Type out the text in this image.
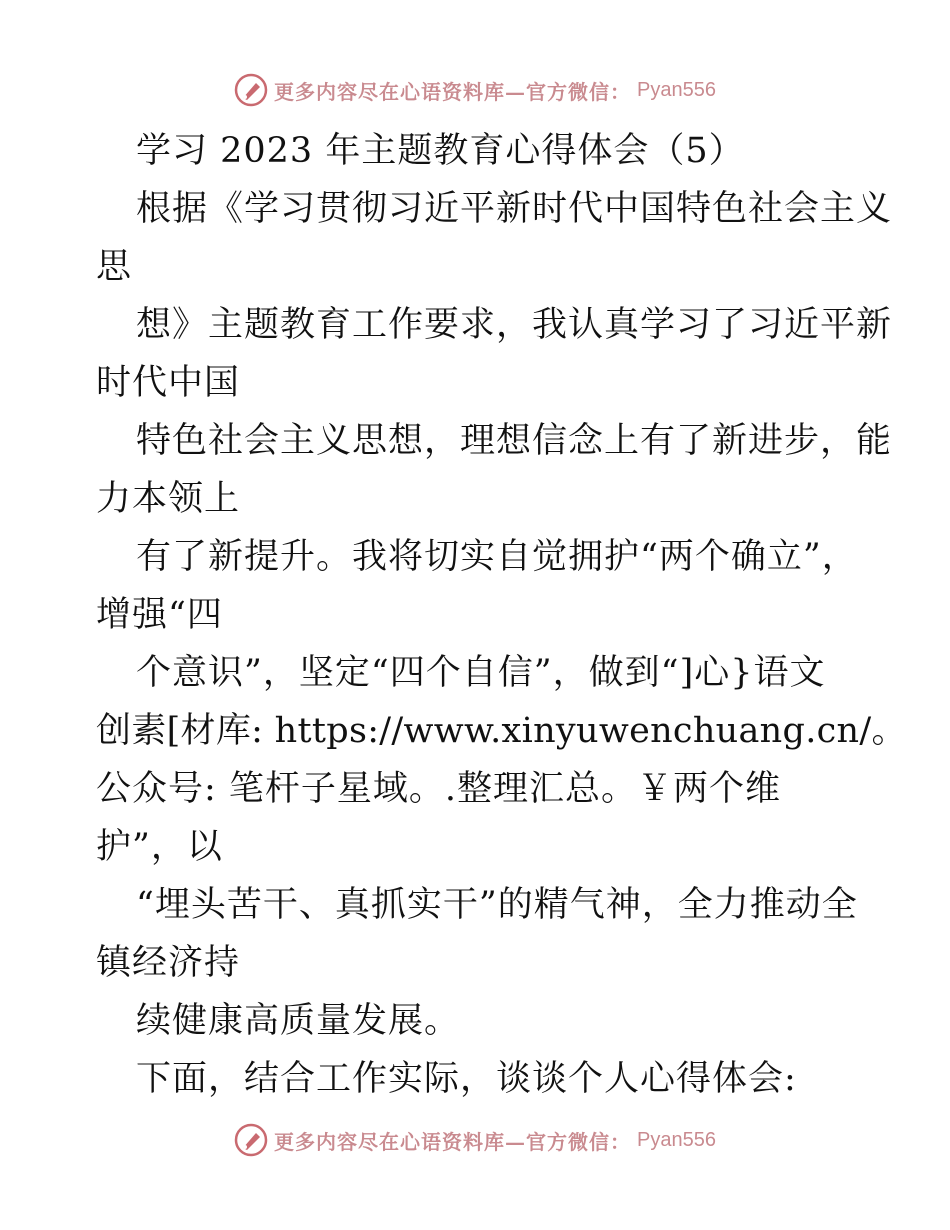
更多内容尽在心语资料库—官方微信： Pyan556
学习 2023 年主题教育心得体会（5）
根据《学习贯彻习近平新时代中国特色社会主义
思
想》主题教育工作要求，我认真学习了习近平新
时代中国
特色社会主义思想，理想信念上有了新进步，能
力本领上
有了新提升。我将切实自觉拥护“两个确立”，
增强“四
个意识”，坚定“四个自信”，做到“]心}语文
创素[材库: https://www.xinyuwenchuang.cn/。
公众号: 笔杆子星域。.整理汇总。￥两个维
护”，以
“埋头苦干、真抓实干”的精气神，全力推动全
镇经济持
续健康高质量发展。
下面，结合工作实际，谈谈个人心得体会:
更多内容尽在心语资料库—官方微信： Pyan556
